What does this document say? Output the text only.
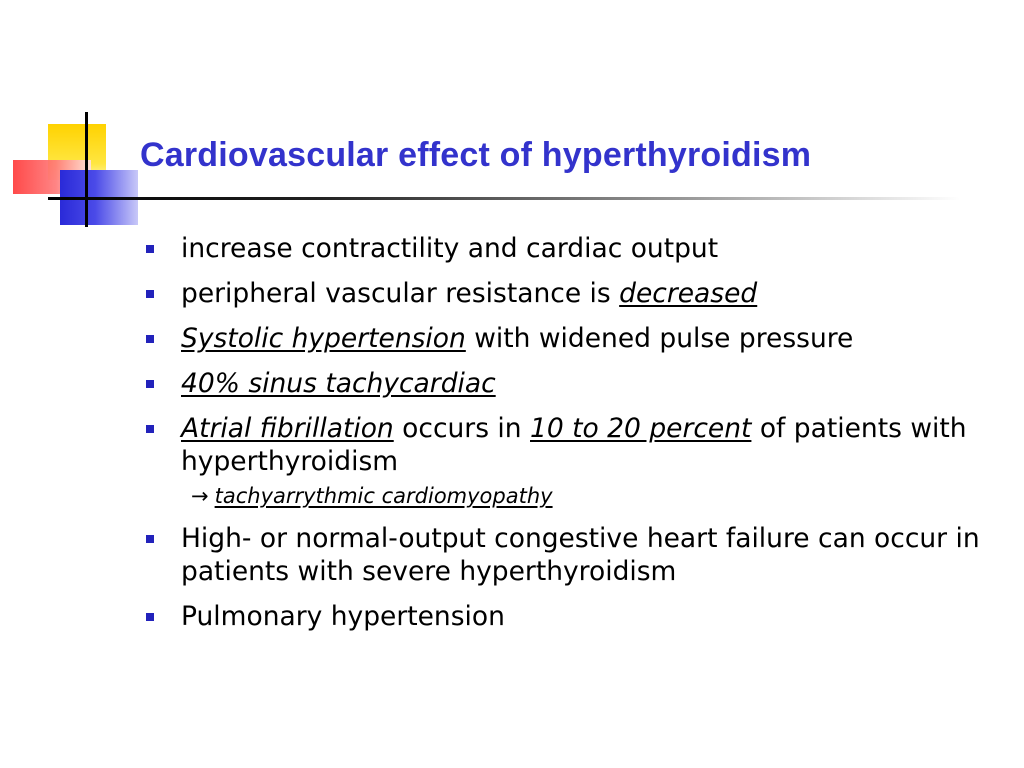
Cardiovascular effect of hyperthyroidism
increase contractility and cardiac output
peripheral vascular resistance is decreased
Systolic hypertension with widened pulse pressure
40% sinus tachycardiac
Atrial fibrillation occurs in 10 to 20 percent of patients with hyperthyroidism
→ tachyarrythmic cardiomyopathy
High- or normal-output congestive heart failure can occur in patients with severe hyperthyroidism
Pulmonary hypertension
